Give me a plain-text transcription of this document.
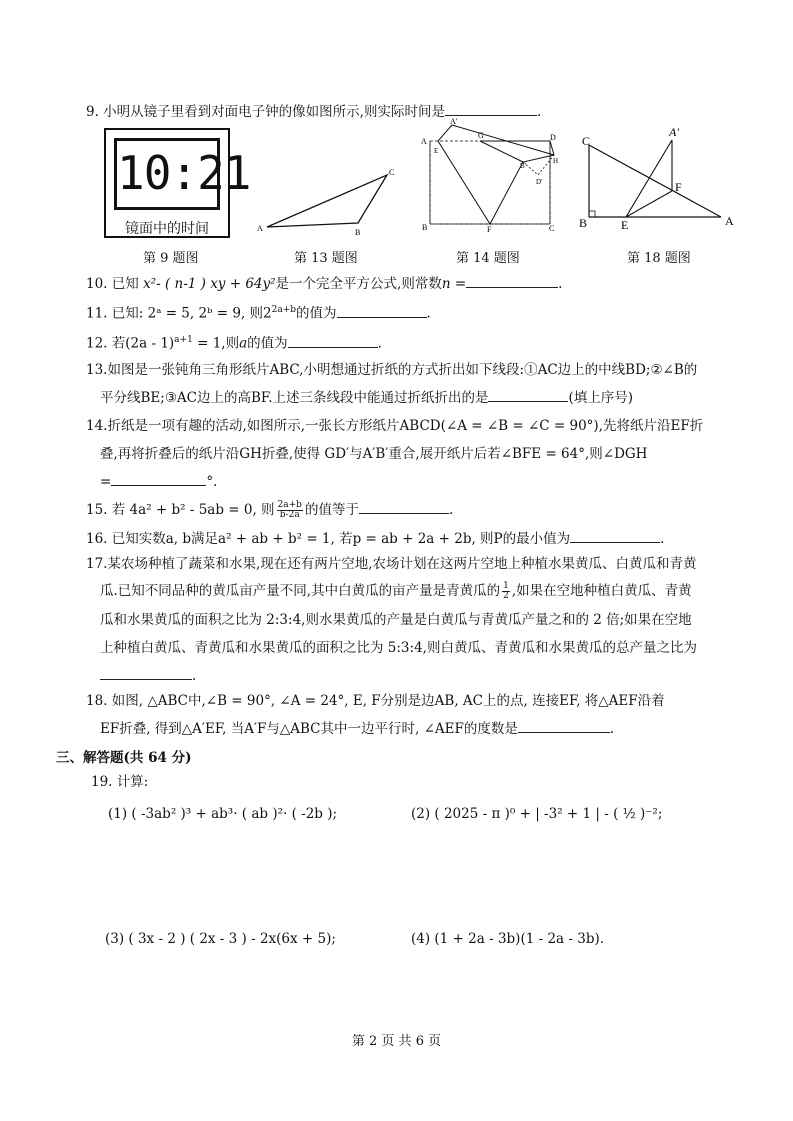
9. 小明从镜子里看到对面电子钟的像如图所示,则实际时间是	.
10:21
镜面中的时间	A	B
C
A'
A
E
G	D
B'
H
D'
B	F	C
C
A'
F
B	E	A
第 9 题图	第 13 题图	第 14 题图	第 18 题图
10. 已知 x²- ( n-1 ) xy + 64y²是一个完全平方公式,则常数n =	.
11. 已知: 2ᵃ = 5, 2ᵇ = 9, 则$2^{2a+b}$的值为	.
12. 若(2a - 1)$^{a+1}$ = 1,则a的值为	.
13.如图是一张钝角三角形纸片ABC,小明想通过折纸的方式折出如下线段:①AC边上的中线BD;②∠B的
平分线BE;③AC边上的高BF.上述三条线段中能通过折纸折出的是	(填上序号)
14.折纸是一项有趣的活动,如图所示,一张长方形纸片ABCD(∠A = ∠B = ∠C = 90°),先将纸片沿EF折
叠,再将折叠后的纸片沿GH折叠,使得 GD′与A′B′重合,展开纸片后若∠BFE = 64°,则∠DGH
=	°.
15. 若 4a² + b² - 5ab = 0, 则 $\frac{2a+b}{b-2a}$ 的值等于	.
16. 已知实数a, b满足a² + ab + b² = 1, 若p = ab + 2a + 2b, 则P的最小值为	.
17.某农场种植了蔬菜和水果,现在还有两片空地,农场计划在这两片空地上种植水果黄瓜、白黄瓜和青黄
瓜.已知不同品种的黄瓜亩产量不同,其中白黄瓜的亩产量是青黄瓜的 $\frac{1}{2}$ ,如果在空地种植白黄瓜、青黄
瓜和水果黄瓜的面积之比为 2:3:4,则水果黄瓜的产量是白黄瓜与青黄瓜产量之和的 2 倍;如果在空地
上种植白黄瓜、青黄瓜和水果黄瓜的面积之比为 5:3:4,则白黄瓜、青黄瓜和水果黄瓜的总产量之比为
.
18. 如图, △ABC中,∠B = 90°, ∠A = 24°, E, F分别是边AB, AC上的点, 连接EF, 将△AEF沿着
EF折叠, 得到△A′EF, 当A′F与△ABC其中一边平行时, ∠AEF的度数是	.
三、解答题(共 64 分)
19. 计算:
(1) ( -3ab² )³ + ab³· ( ab )²· ( -2b );	(2) ( 2025 - π )⁰ + | -3² + 1 | - ( ½ )⁻²;
(3) ( 3x - 2 ) ( 2x - 3 ) - 2x(6x + 5);	(4) (1 + 2a - 3b)(1 - 2a - 3b).
第 2 页 共 6 页
